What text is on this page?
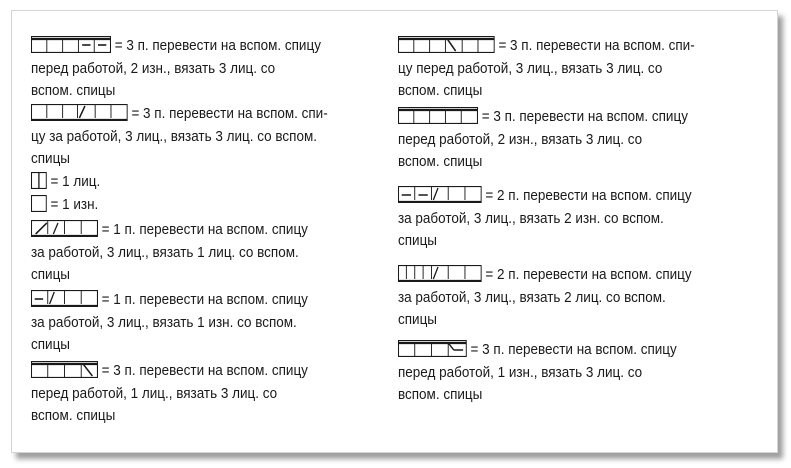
= 3 п. перевести на вспом. спицу
перед работой, 2 изн., вязать 3 лиц. со
вспом. спицы
= 3 п. перевести на вспом. спи-
цу за работой, 3 лиц., вязать 3 лиц. со вспом.
спицы
= 1 лиц.
= 1 изн.
= 1 п. перевести на вспом. спицу
за работой, 3 лиц., вязать 1 лиц. со вспом.
спицы
= 1 п. перевести на вспом. спицу
за работой, 3 лиц., вязать 1 изн. со вспом.
спицы
= 3 п. перевести на вспом. спицу
перед работой, 1 лиц., вязать 3 лиц. со
вспом. спицы
= 3 п. перевести на вспом. спи-
цу перед работой, 3 лиц., вязать 3 лиц. со
вспом. спицы
= 3 п. перевести на вспом. спицу
перед работой, 2 изн., вязать 3 лиц. со
вспом. спицы
= 2 п. перевести на вспом. спицу
за работой, 3 лиц., вязать 2 изн. со вспом.
спицы
= 2 п. перевести на вспом. спицу
за работой, 3 лиц., вязать 2 лиц. со вспом.
спицы
= 3 п. перевести на вспом. спицу
перед работой, 1 изн., вязать 3 лиц. со
вспом. спицы
